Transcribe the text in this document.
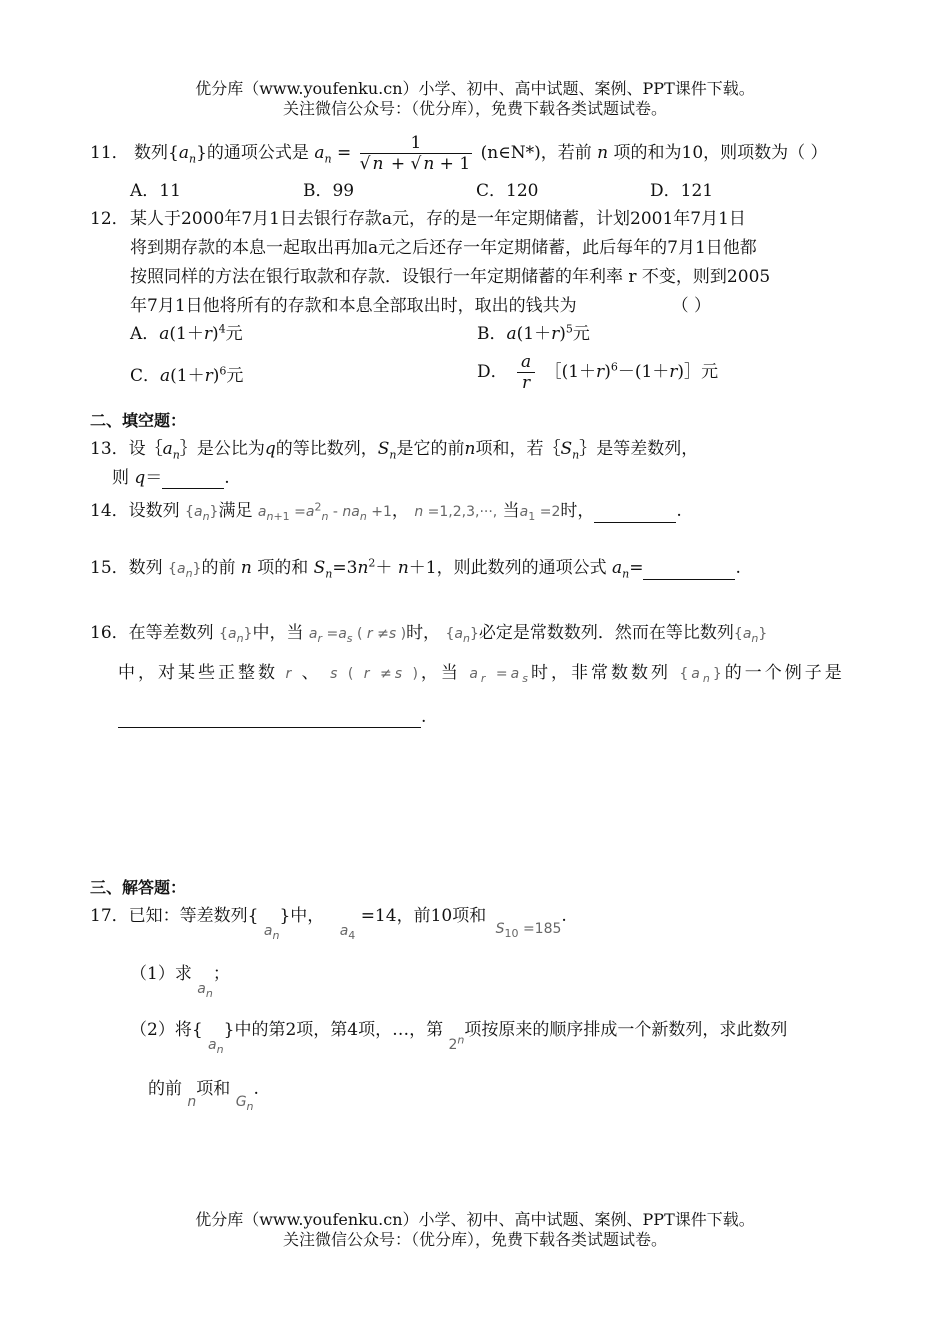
优分库（www.youfenku.cn）小学、初中、高中试题、案例、PPT课件下载。
关注微信公众号：（优分库），免费下载各类试题试卷。
11． 数列$\{a_n\}$的通项公式是 $a_n = \frac{1}{√ n + √ n + 1}$ (n∈N*)，若前 n 项的和为10，则项数为（ ）
A．11	B．99	C．120	D．121
12． 某人于2000年7月1日去银行存款a元，存的是一年定期储蓄，计划2001年7月1日
将到期存款的本息一起取出再加a元之后还存一年定期储蓄，此后每年的7月1日他都
按照同样的方法在银行取款和存款．设银行一年定期储蓄的年利率 r 不变，则到2005
年7月1日他将所有的存款和本息全部取出时，取出的钱共为	（ ）
A．$a(1+r)^4$元	B．$a(1+r)^5$元
C．$a(1+r)^6$元	D． $\frac{a}{r}$ $[(1+r)^6-(1+r)]$元
二、填空题：
13．设$\{a_n\}$是公比为q的等比数列，$S_n$是它的前n项和，若$\{S_n\}$是等差数列，
则 q＝	.
14．设数列 $\{a_n\}$满足 $a_{n+1} =a^2_n - na_n +1$， n =1,2,3,···, 当$a_1 =2$时，	.
15．数列 $\{a_n\}$的前 n 项的和 $S_n=3n^2+ n+1$，则此数列的通项公式 $a_n=$	.
16．在等差数列 $\{a_n\}$中，当 $a_r =a_s$ ( r ≠s )时， $\{a_n\}$必定是常数数列．然而在等比数列$\{a_n\}$
中，对某些正整数 r 、 s ( r ≠s )，当 $a_r =a_s$时，非常数数列 $\{a_n\}$的一个例子是
.
三、解答题：
17．已知：等差数列{ $_{a_n}$}中， $_{a_4}$ =14，前10项和 $_{S_{10} =185}$.
（1）求 $_{a_n}$；
（2）将{ $_{a_n}$}中的第2项，第4项，…，第 $_{2^n}$项按原来的顺序排成一个新数列，求此数列
的前 $_n$项和 $_{G_n}$.
优分库（www.youfenku.cn）小学、初中、高中试题、案例、PPT课件下载。
关注微信公众号：（优分库），免费下载各类试题试卷。
